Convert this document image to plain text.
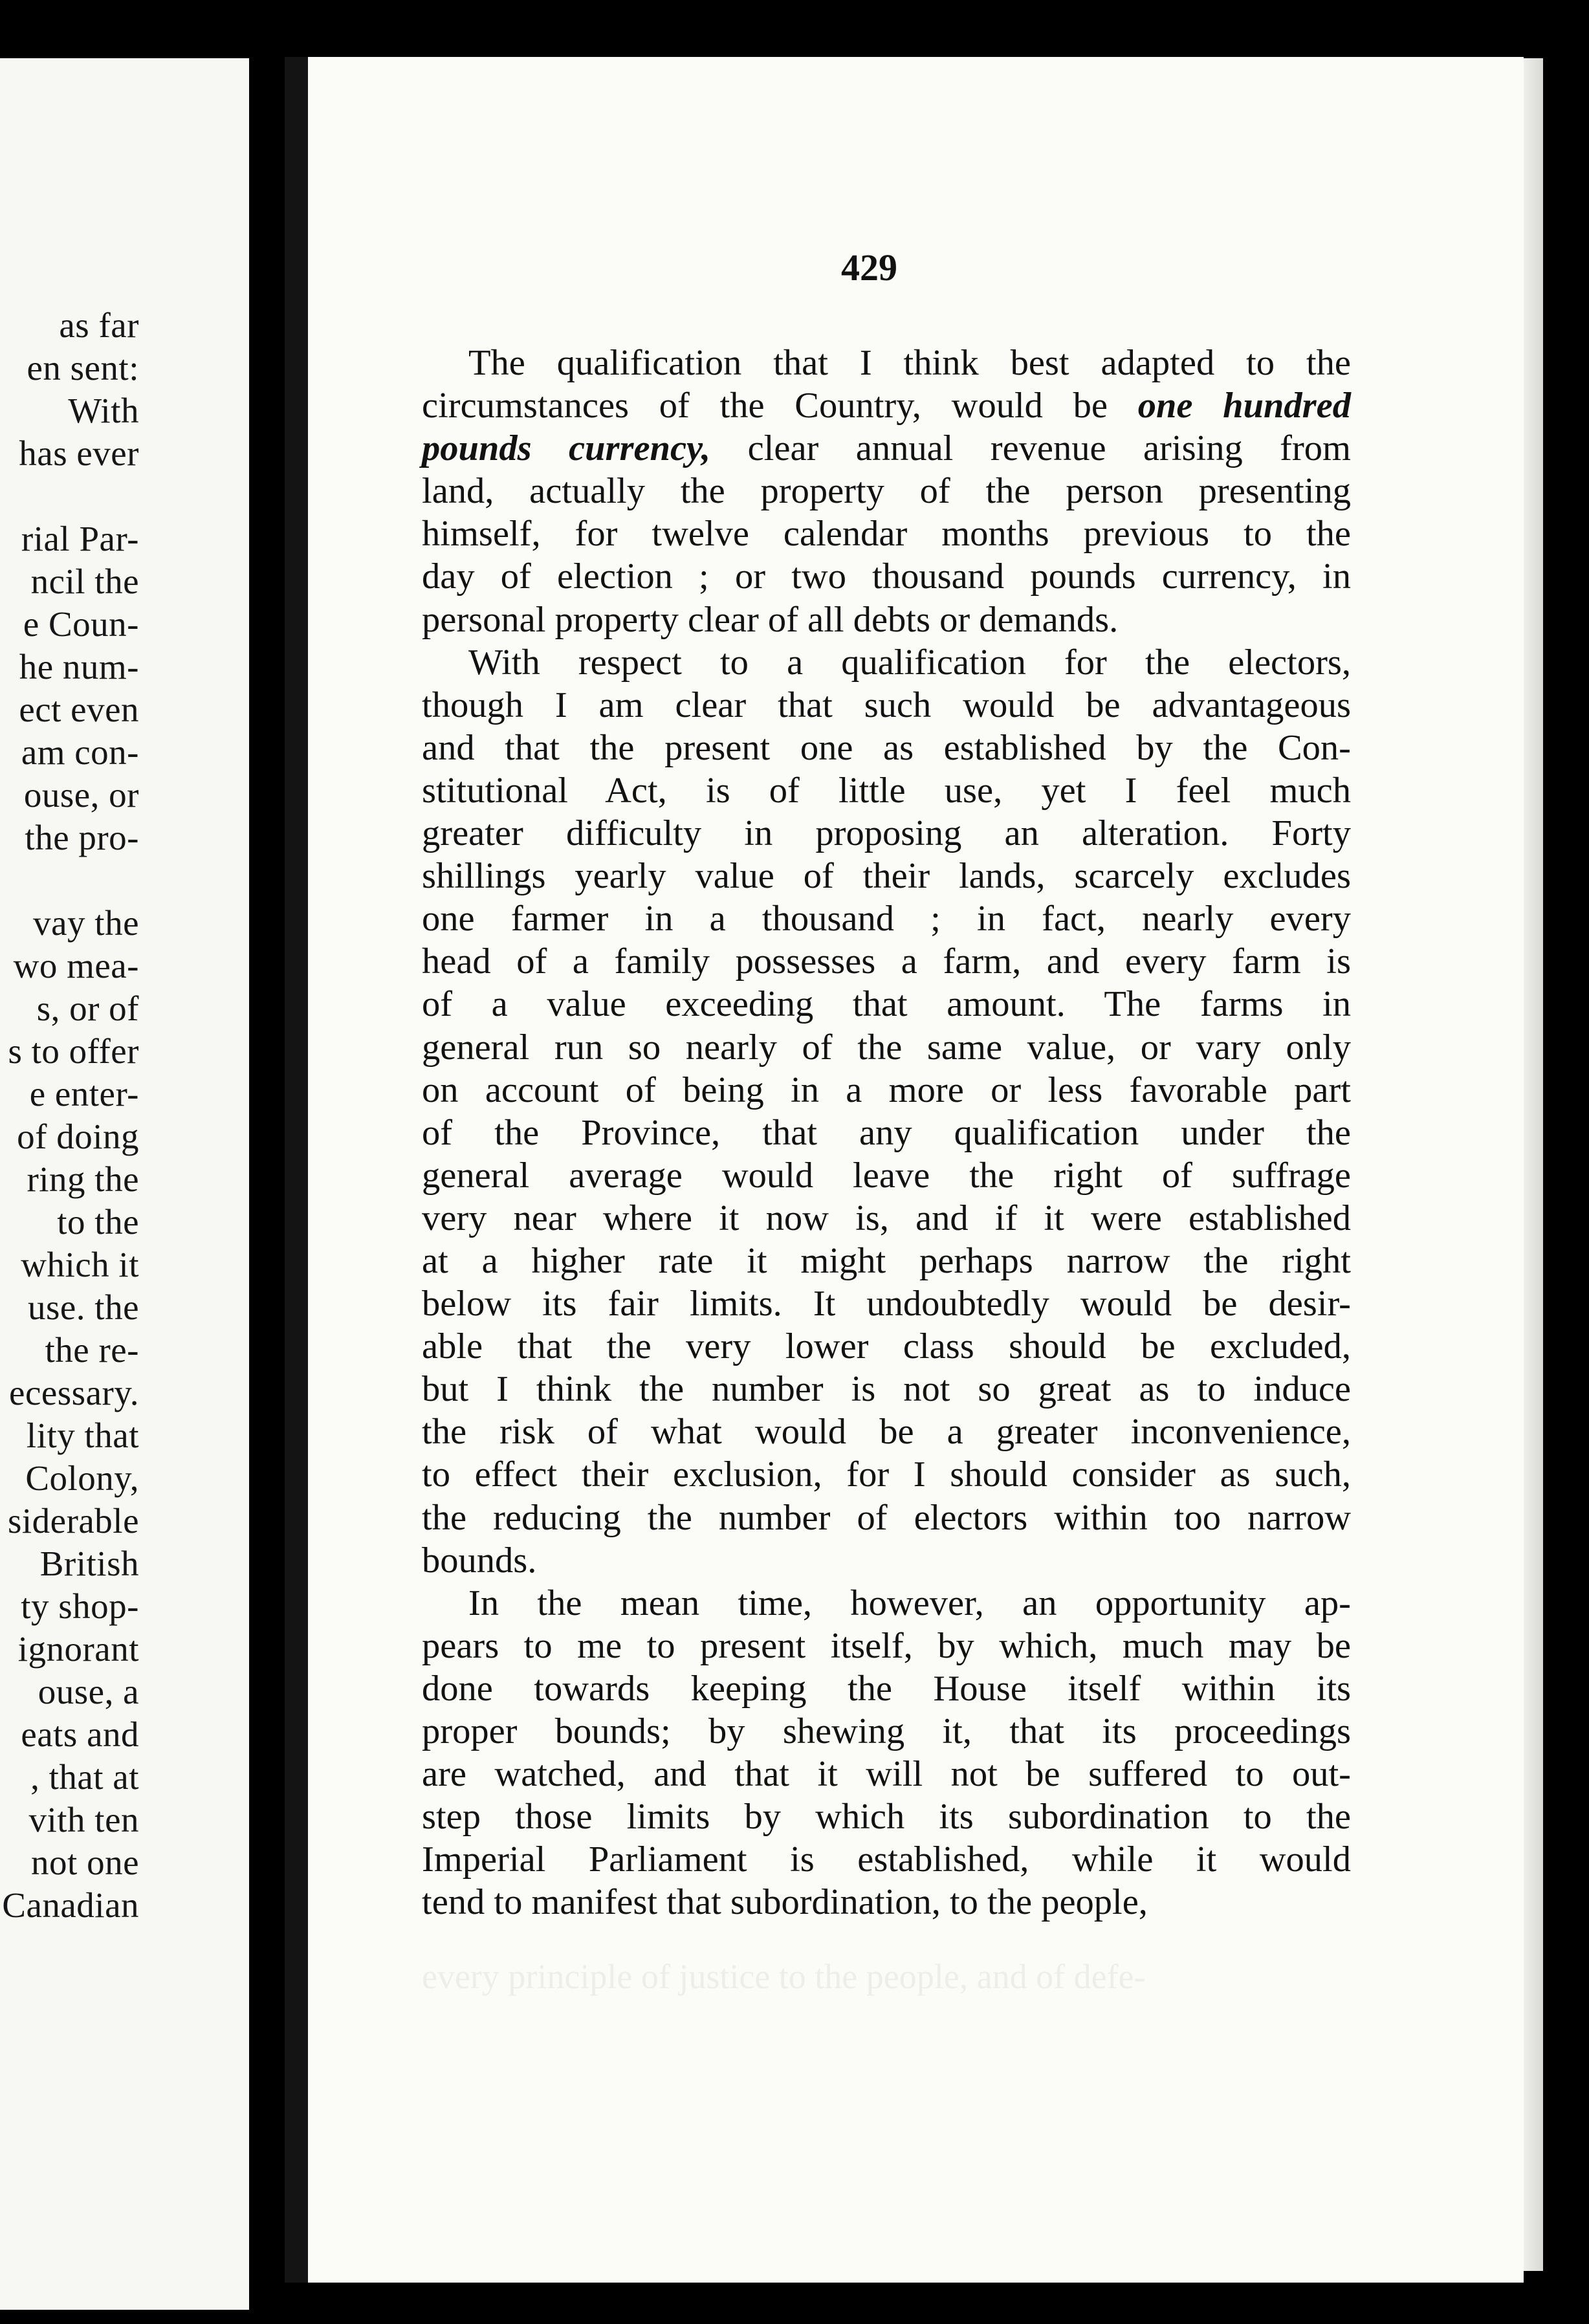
as far
en sent:
With
has ever
rial Par-
ncil the
e Coun-
he num-
ect even
am con-
ouse, or
the pro-
vay the
wo mea-
s, or of
s to offer
e enter-
of doing
ring the
to the
which it
use. the
the re-
ecessary.
lity that
Colony,
siderable
British
ty shop-
ignorant
ouse, a
eats and
, that at
vith ten
not one
Canadian
429
The qualification that I think best adapted to the
circumstances of the Country, would be one hundred
pounds currency, clear annual revenue arising from
land, actually the property of the person presenting
himself, for twelve calendar months previous to the
day of election ; or two thousand pounds currency, in
personal property clear of all debts or demands.
With respect to a qualification for the electors,
though I am clear that such would be advantageous
and that the present one as established by the Con-
stitutional Act, is of little use, yet I feel much
greater difficulty in proposing an alteration. Forty
shillings yearly value of their lands, scarcely excludes
one farmer in a thousand ; in fact, nearly every
head of a family possesses a farm, and every farm is
of a value exceeding that amount. The farms in
general run so nearly of the same value, or vary only
on account of being in a more or less favorable part
of the Province, that any qualification under the
general average would leave the right of suffrage
very near where it now is, and if it were established
at a higher rate it might perhaps narrow the right
below its fair limits. It undoubtedly would be desir-
able that the very lower class should be excluded,
but I think the number is not so great as to induce
the risk of what would be a greater inconvenience,
to effect their exclusion, for I should consider as such,
the reducing the number of electors within too narrow
bounds.
In the mean time, however, an opportunity ap-
pears to me to present itself, by which, much may be
done towards keeping the House itself within its
proper bounds; by shewing it, that its proceedings
are watched, and that it will not be suffered to out-
step those limits by which its subordination to the
Imperial Parliament is established, while it would
tend to manifest that subordination, to the people,
every principle of justice to the people, and of defe-
